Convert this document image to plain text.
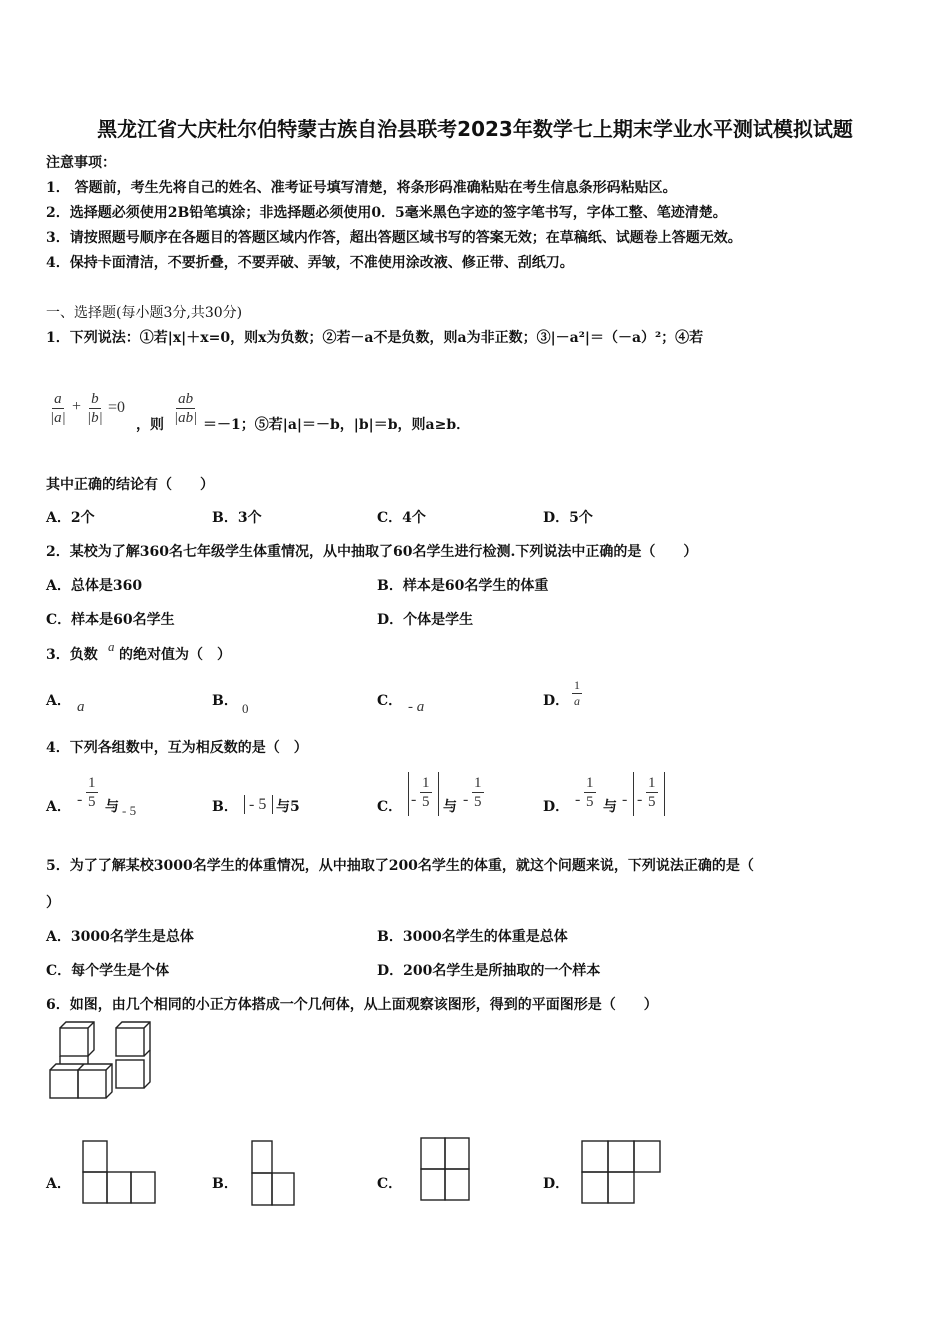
黑龙江省大庆杜尔伯特蒙古族自治县联考2023年数学七上期末学业水平测试模拟试题
注意事项：
1． 答题前，考生先将自己的姓名、准考证号填写清楚，将条形码准确粘贴在考生信息条形码粘贴区。
2．选择题必须使用2B铅笔填涂；非选择题必须使用0．5毫米黑色字迹的签字笔书写，字体工整、笔迹清楚。
3．请按照题号顺序在各题目的答题区域内作答，超出答题区域书写的答案无效；在草稿纸、试题卷上答题无效。
4．保持卡面清洁，不要折叠，不要弄破、弄皱，不准使用涂改液、修正带、刮纸刀。
一、选择题(每小题3分,共30分)
1．下列说法：①若|x|＋x=0，则x为负数；②若－a不是负数，则a为非正数；③|－a²|＝（－a）²；④若
$\frac{a}{|a|} + \frac{b}{|b|} =0$
，则 $\frac{ab}{|ab|} =-1$；⑤若|a|＝－b，|b|＝b，则a≥b．
其中正确的结论有（　　）
A．2个	B．3个	C．4个	D．5个
2．某校为了解360名七年级学生体重情况，从中抽取了60名学生进行检测.下列说法中正确的是（　　）
A．总体是360	B．样本是60名学生的体重
C．样本是60名学生	D．个体是学生
3．负数
a
的绝对值为（　）
A． a	B． 0	C． - a	D． $\frac{1}{a}$
4．下列各组数中，互为相反数的是（　）
A． - $\frac{1}{5}$ 与 - 5	B． - 5 与5	C． - $\frac{1}{5}$ 与 - $\frac{1}{5}$	D． - $\frac{1}{5}$ 与 - - $\frac{1}{5}$
5．为了了解某校3000名学生的体重情况，从中抽取了200名学生的体重，就这个问题来说，下列说法正确的是（
）
A．3000名学生是总体	B．3000名学生的体重是总体
C．每个学生是个体	D．200名学生是所抽取的一个样本
6．如图，由几个相同的小正方体搭成一个几何体，从上面观察该图形，得到的平面图形是（　　）
A．	B．	C．	D．
